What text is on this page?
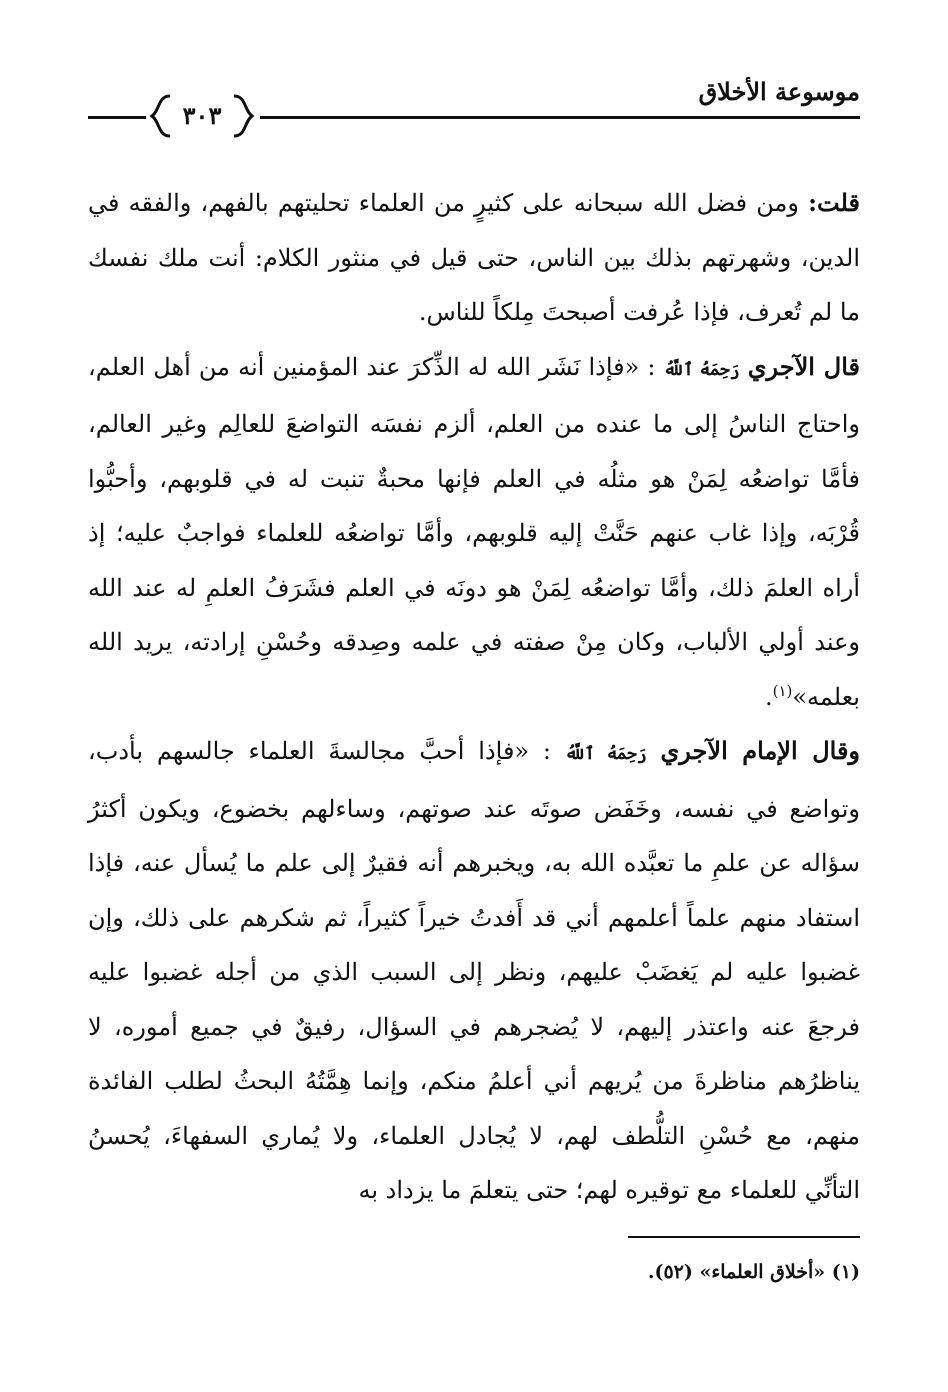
موسوعة الأخلاق
٣٠٣

قلت: ومن فضل الله سبحانه على كثيرٍ من العلماء تحليتهم بالفهم، والفقه في الدين، وشهرتهم بذلك بين الناس، حتى قيل في منثور الكلام: أنت ملك نفسك ما لم تُعرف، فإذا عُرفت أصبحتَ مِلكاً للناس.

قال الآجري رَحِمَهُ ٱللَّهُ : «فإذا نَشَر الله له الذِّكرَ عند المؤمنين أنه من أهل العلم، واحتاج الناسُ إلى ما عنده من العلم، ألزم نفسَه التواضعَ للعالِم وغير العالم، فأمَّا تواضعُه لِمَنْ هو مثلُه في العلم فإنها محبةٌ تنبت له في قلوبهم، وأحبُّوا قُرْبَه، وإذا غاب عنهم حَنَّتْ إليه قلوبهم، وأمَّا تواضعُه للعلماء فواجبٌ عليه؛ إذ أراه العلمَ ذلك، وأمَّا تواضعُه لِمَنْ هو دونَه في العلم فشَرَفُ العلمِ له عند الله وعند أولي الألباب، وكان مِنْ صفته في علمه وصِدقه وحُسْنِ إرادته، يريد الله بعلمه»$^{(١)}$.

وقال الإمام الآجري رَحِمَهُ ٱللَّهُ : «فإذا أحبَّ مجالسةَ العلماء جالسهم بأدب، وتواضع في نفسه، وخَفَض صوتَه عند صوتهم، وساءلهم بخضوع، ويكون أكثرُ سؤاله عن علمِ ما تعبَّده الله به، ويخبرهم أنه فقيرٌ إلى علم ما يُسأل عنه، فإذا استفاد منهم علماً أعلمهم أني قد أَفدتُ خيراً كثيراً، ثم شكرهم على ذلك، وإن غضبوا عليه لم يَغضَبْ عليهم، ونظر إلى السبب الذي من أجله غضبوا عليه فرجعَ عنه واعتذر إليهم، لا يُضجرهم في السؤال، رفيقٌ في جميع أموره، لا يناظرُهم مناظرةَ من يُريهم أني أعلمُ منكم، وإنما هِمَّتُهُ البحثُ لطلب الفائدة منهم، مع حُسْنِ التلُّطف لهم، لا يُجادل العلماء، ولا يُماري السفهاءَ، يُحسنُ التأنِّي للعلماء مع توقيره لهم؛ حتى يتعلمَ ما يزداد به

(١) «أخلاق العلماء» (٥٢).
